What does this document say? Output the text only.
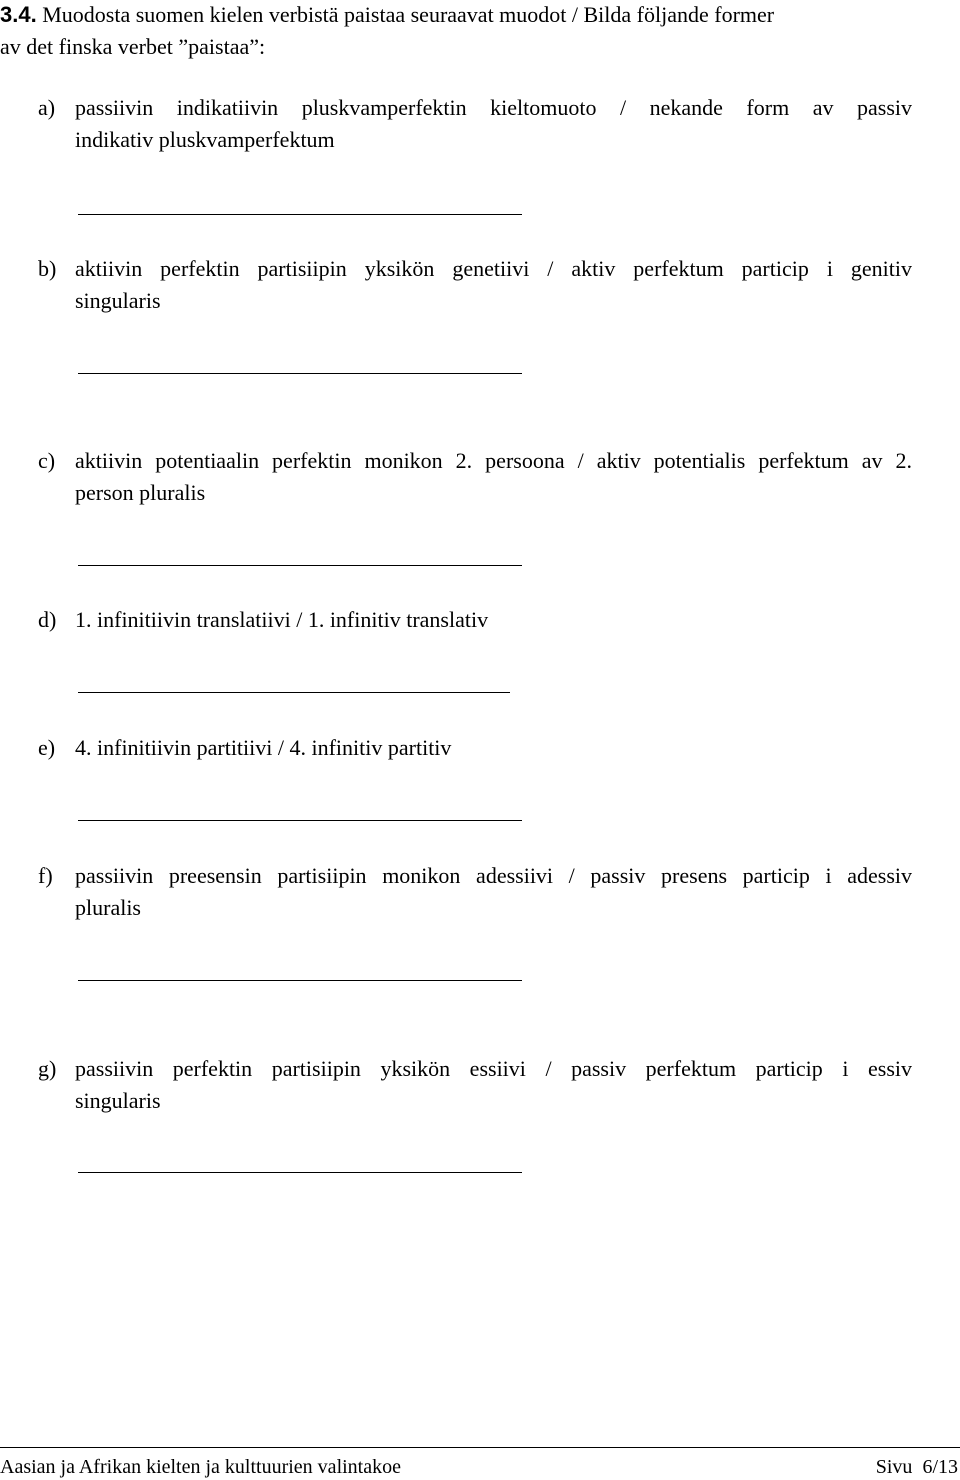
3.4. Muodosta suomen kielen verbistä paistaa seuraavat muodot / Bilda följande former
av det finska verbet ”paistaa”:
a) passiivin indikatiivin pluskvamperfektin kieltomuoto / nekande form av passiv
indikativ pluskvamperfektum
b) aktiivin perfektin partisiipin yksikön genetiivi / aktiv perfektum particip i genitiv
singularis
c) aktiivin potentiaalin perfektin monikon 2. persoona / aktiv potentialis perfektum av 2.
person pluralis
d) 1. infinitiivin translatiivi / 1. infinitiv translativ
e) 4. infinitiivin partitiivi / 4. infinitiv partitiv
f) passiivin preesensin partisiipin monikon adessiivi / passiv presens particip i adessiv
pluralis
g) passiivin perfektin partisiipin yksikön essiivi / passiv perfektum particip i essiv
singularis
Aasian ja Afrikan kielten ja kulttuurien valintakoe	Sivu 6/13
